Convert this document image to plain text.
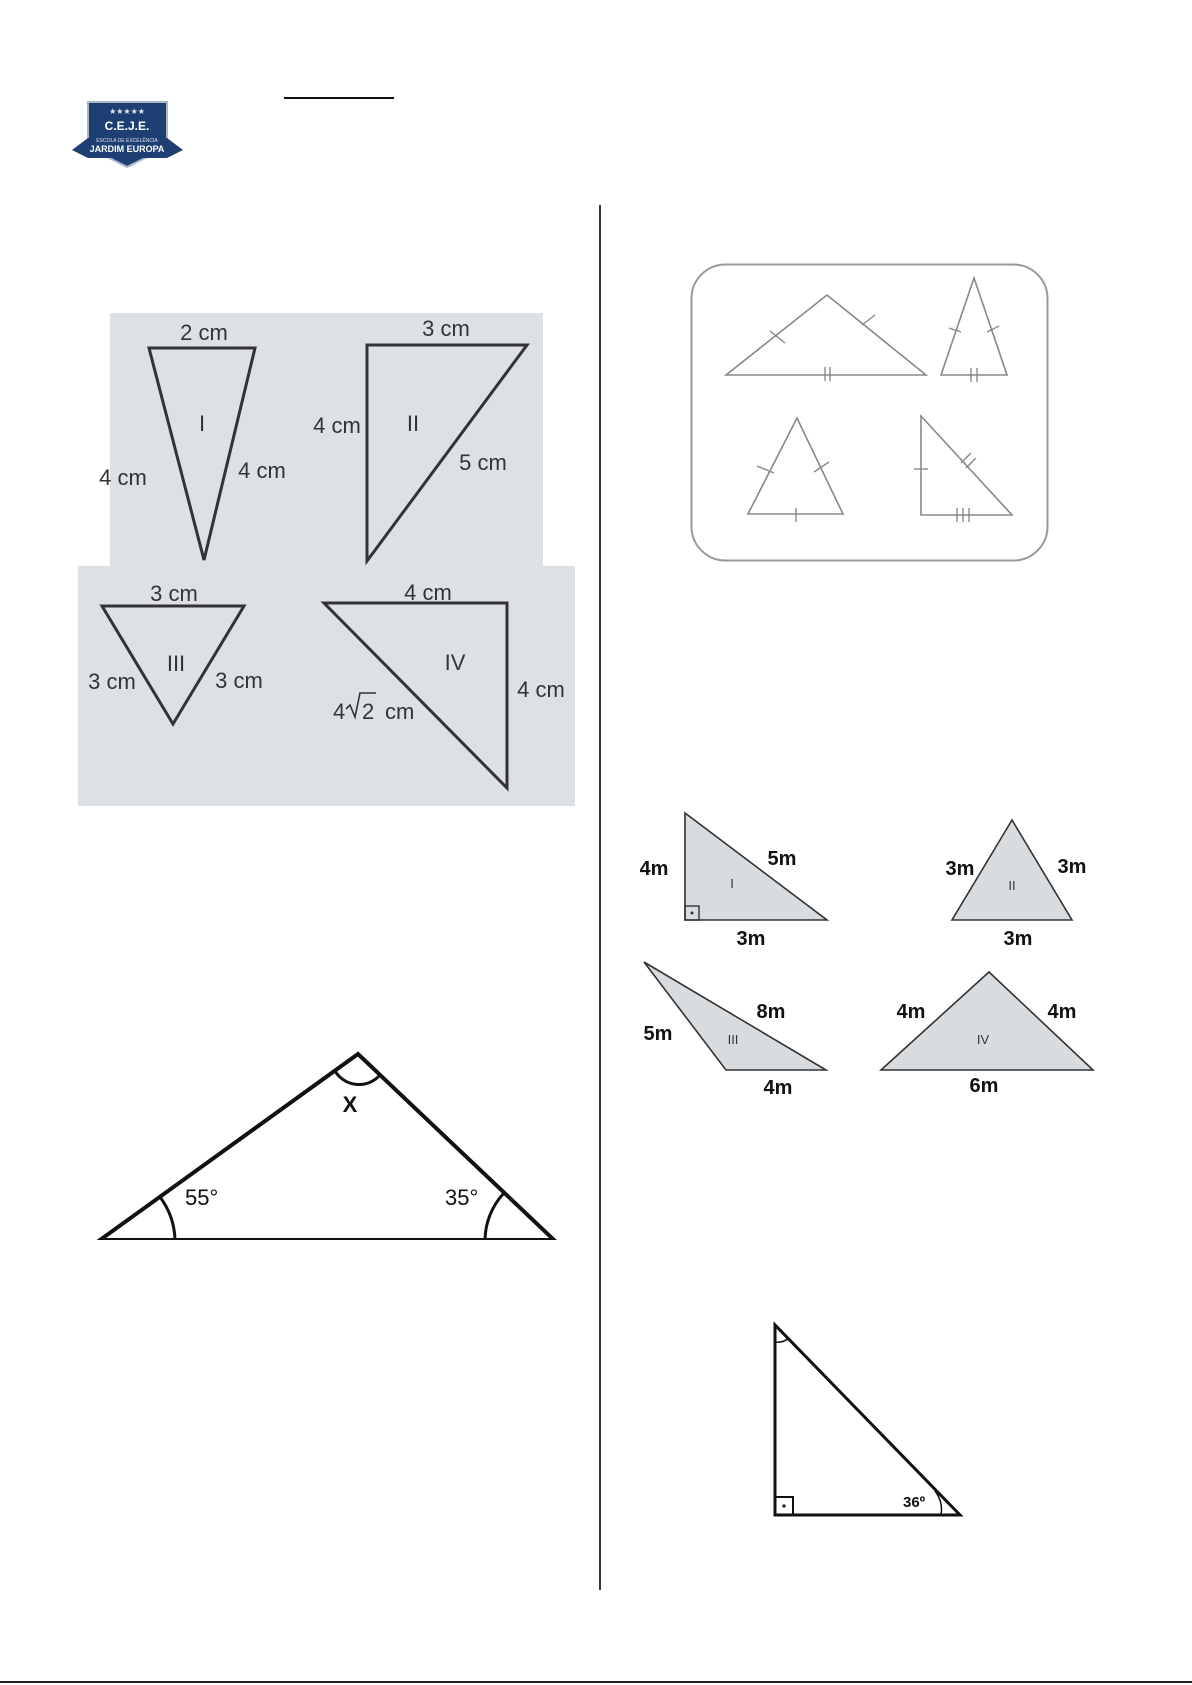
★★★★★
C.E.J.E.
ESCOLA DE EXCELÊNCIA
JARDIM EUROPA
2 cm
I
4 cm	4 cm
3 cm
II
4 cm
5 cm
3 cm
III
3 cm	3 cm
4 cm
IV
4 cm
4 2 cm
X
55°	35°
4m	5m
3m
3m	3m
3m
5m
8m
4m
4m	4m
6m
I	II
III	IV
36º
